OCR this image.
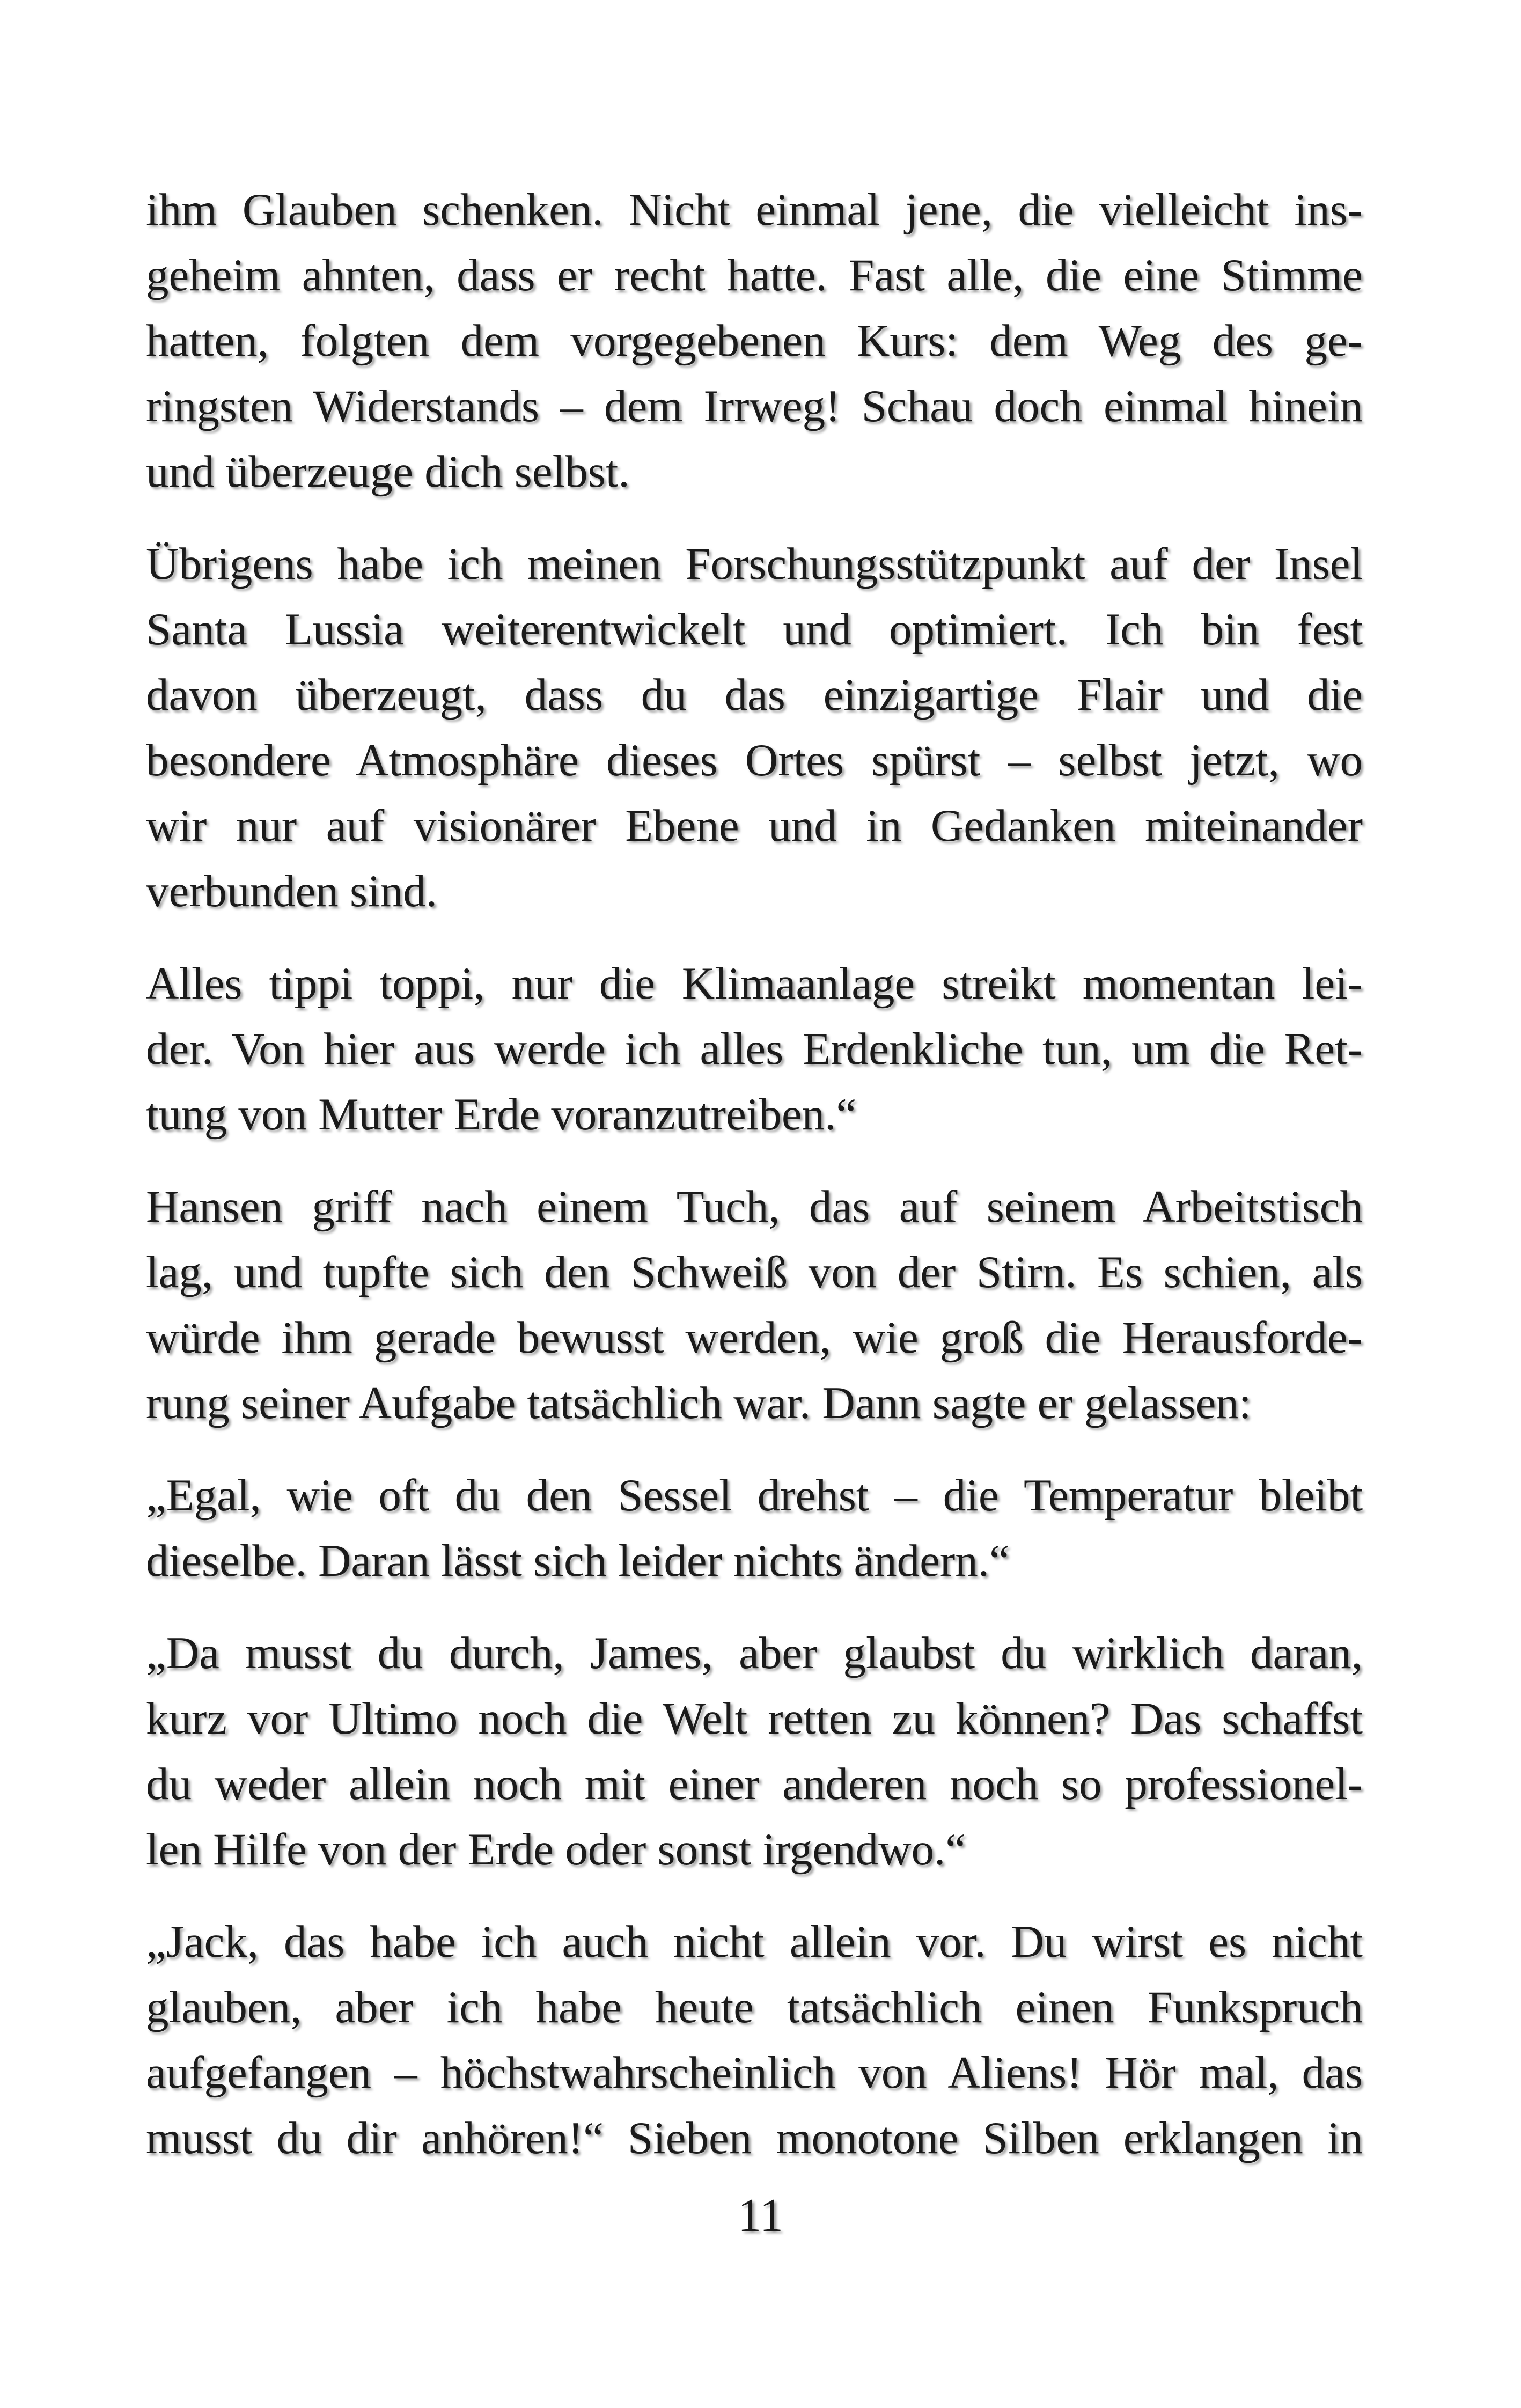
ihm Glauben schenken. Nicht einmal jene, die vielleicht ins-
geheim ahnten, dass er recht hatte. Fast alle, die eine Stimme
hatten, folgten dem vorgegebenen Kurs: dem Weg des ge-
ringsten Widerstands – dem Irrweg! Schau doch einmal hinein
und überzeuge dich selbst.
Übrigens habe ich meinen Forschungsstützpunkt auf der Insel
Santa Lussia weiterentwickelt und optimiert. Ich bin fest
davon überzeugt, dass du das einzigartige Flair und die
besondere Atmosphäre dieses Ortes spürst – selbst jetzt, wo
wir nur auf visionärer Ebene und in Gedanken miteinander
verbunden sind.
Alles tippi toppi, nur die Klimaanlage streikt momentan lei-
der. Von hier aus werde ich alles Erdenkliche tun, um die Ret-
tung von Mutter Erde voranzutreiben.“
Hansen griff nach einem Tuch, das auf seinem Arbeitstisch
lag, und tupfte sich den Schweiß von der Stirn. Es schien, als
würde ihm gerade bewusst werden, wie groß die Herausforde-
rung seiner Aufgabe tatsächlich war. Dann sagte er gelassen:
„Egal, wie oft du den Sessel drehst – die Temperatur bleibt
dieselbe. Daran lässt sich leider nichts ändern.“
„Da musst du durch, James, aber glaubst du wirklich daran,
kurz vor Ultimo noch die Welt retten zu können? Das schaffst
du weder allein noch mit einer anderen noch so professionel-
len Hilfe von der Erde oder sonst irgendwo.“
„Jack, das habe ich auch nicht allein vor. Du wirst es nicht
glauben, aber ich habe heute tatsächlich einen Funkspruch
aufgefangen – höchstwahrscheinlich von Aliens! Hör mal, das
musst du dir anhören!“ Sieben monotone Silben erklangen in
11
